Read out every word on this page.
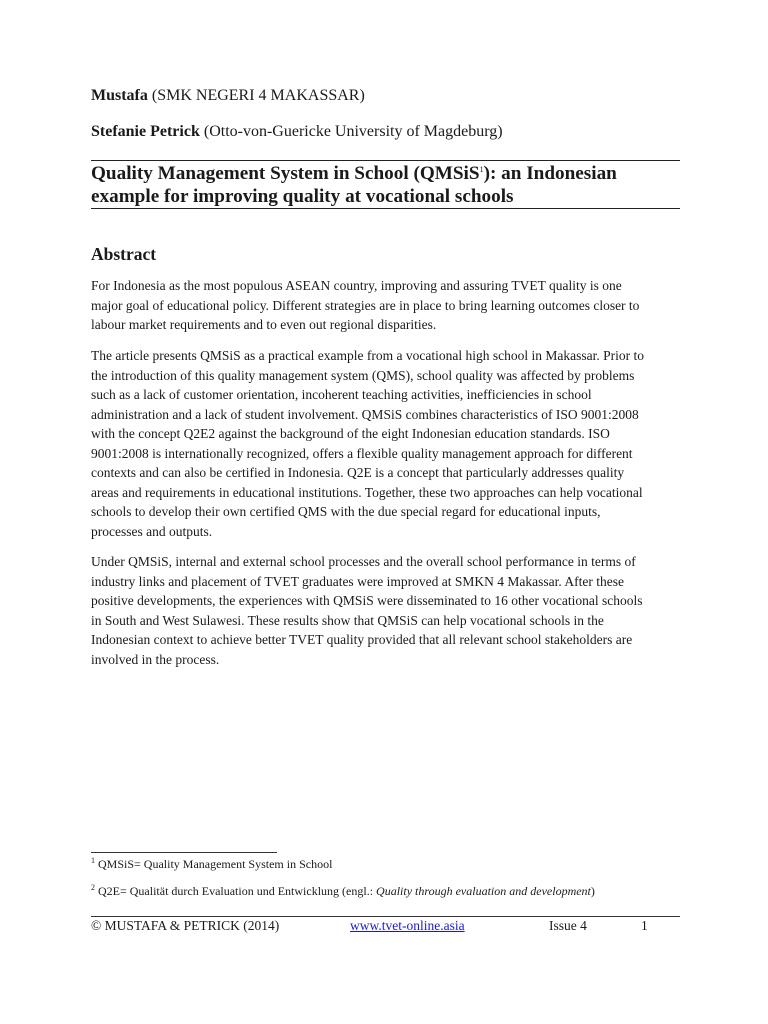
Mustafa (SMK NEGERI 4 MAKASSAR)
Stefanie Petrick (Otto-von-Guericke University of Magdeburg)
Quality Management System in School (QMSiS$^1$): an Indonesian
example for improving quality at vocational schools
Abstract
For Indonesia as the most populous ASEAN country, improving and assuring TVET quality is one
major goal of educational policy. Different strategies are in place to bring learning outcomes closer to
labour market requirements and to even out regional disparities.
The article presents QMSiS as a practical example from a vocational high school in Makassar. Prior to
the introduction of this quality management system (QMS), school quality was affected by problems
such as a lack of customer orientation, incoherent teaching activities, inefficiencies in school
administration and a lack of student involvement. QMSiS combines characteristics of ISO 9001:2008
with the concept Q2E2 against the background of the eight Indonesian education standards. ISO
9001:2008 is internationally recognized, offers a flexible quality management approach for different
contexts and can also be certified in Indonesia. Q2E is a concept that particularly addresses quality
areas and requirements in educational institutions. Together, these two approaches can help vocational
schools to develop their own certified QMS with the due special regard for educational inputs,
processes and outputs.
Under QMSiS, internal and external school processes and the overall school performance in terms of
industry links and placement of TVET graduates were improved at SMKN 4 Makassar. After these
positive developments, the experiences with QMSiS were disseminated to 16 other vocational schools
in South and West Sulawesi. These results show that QMSiS can help vocational schools in the
Indonesian context to achieve better TVET quality provided that all relevant school stakeholders are
involved in the process.
$^1$ QMSiS= Quality Management System in School
$^2$ Q2E= Qualität durch Evaluation und Entwicklung (engl.: Quality through evaluation and development)
© MUSTAFA & PETRICK (2014)	www.tvet-online.asia	Issue 4	1
